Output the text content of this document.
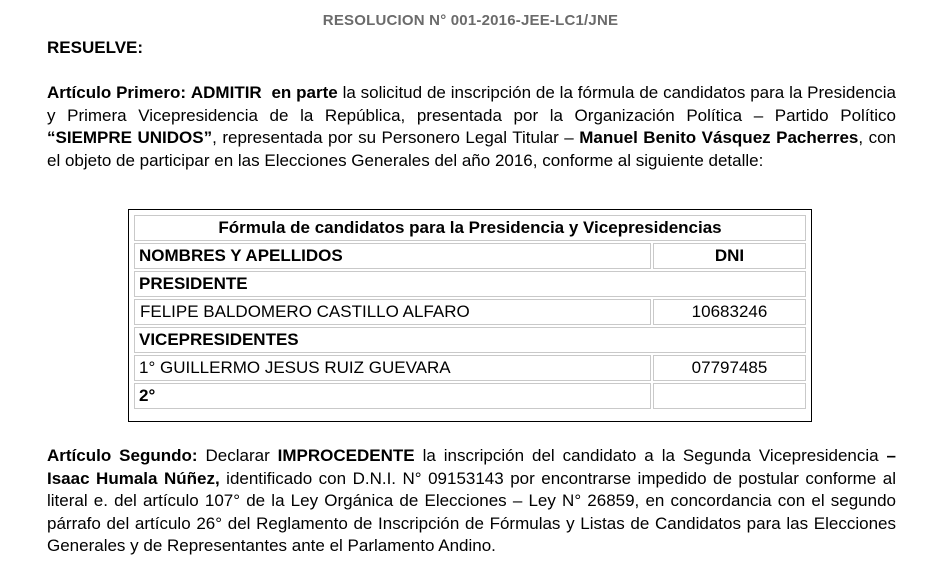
RESOLUCION N° 001-2016-JEE-LC1/JNE
RESUELVE:
Artículo Primero: ADMITIR en parte la solicitud de inscripción de la fórmula de candidatos para la Presidencia y Primera Vicepresidencia de la República, presentada por la Organización Política – Partido Político “SIEMPRE UNIDOS”, representada por su Personero Legal Titular – Manuel Benito Vásquez Pacherres, con el objeto de participar en las Elecciones Generales del año 2016, conforme al siguiente detalle:
Fórmula de candidatos para la Presidencia y Vicepresidencias	
NOMBRES Y APELLIDOS	DNI
PRESIDENTE	
FELIPE BALDOMERO CASTILLO ALFARO	10683246
VICEPRESIDENTES	
1° GUILLERMO JESUS RUIZ GUEVARA	07797485
2°	
Artículo Segundo: Declarar IMPROCEDENTE la inscripción del candidato a la Segunda Vicepresidencia – Isaac Humala Núñez, identificado con D.N.I. N° 09153143 por encontrarse impedido de postular conforme al literal e. del artículo 107° de la Ley Orgánica de Elecciones – Ley N° 26859, en concordancia con el segundo párrafo del artículo 26° del Reglamento de Inscripción de Fórmulas y Listas de Candidatos para las Elecciones Generales y de Representantes ante el Parlamento Andino.
